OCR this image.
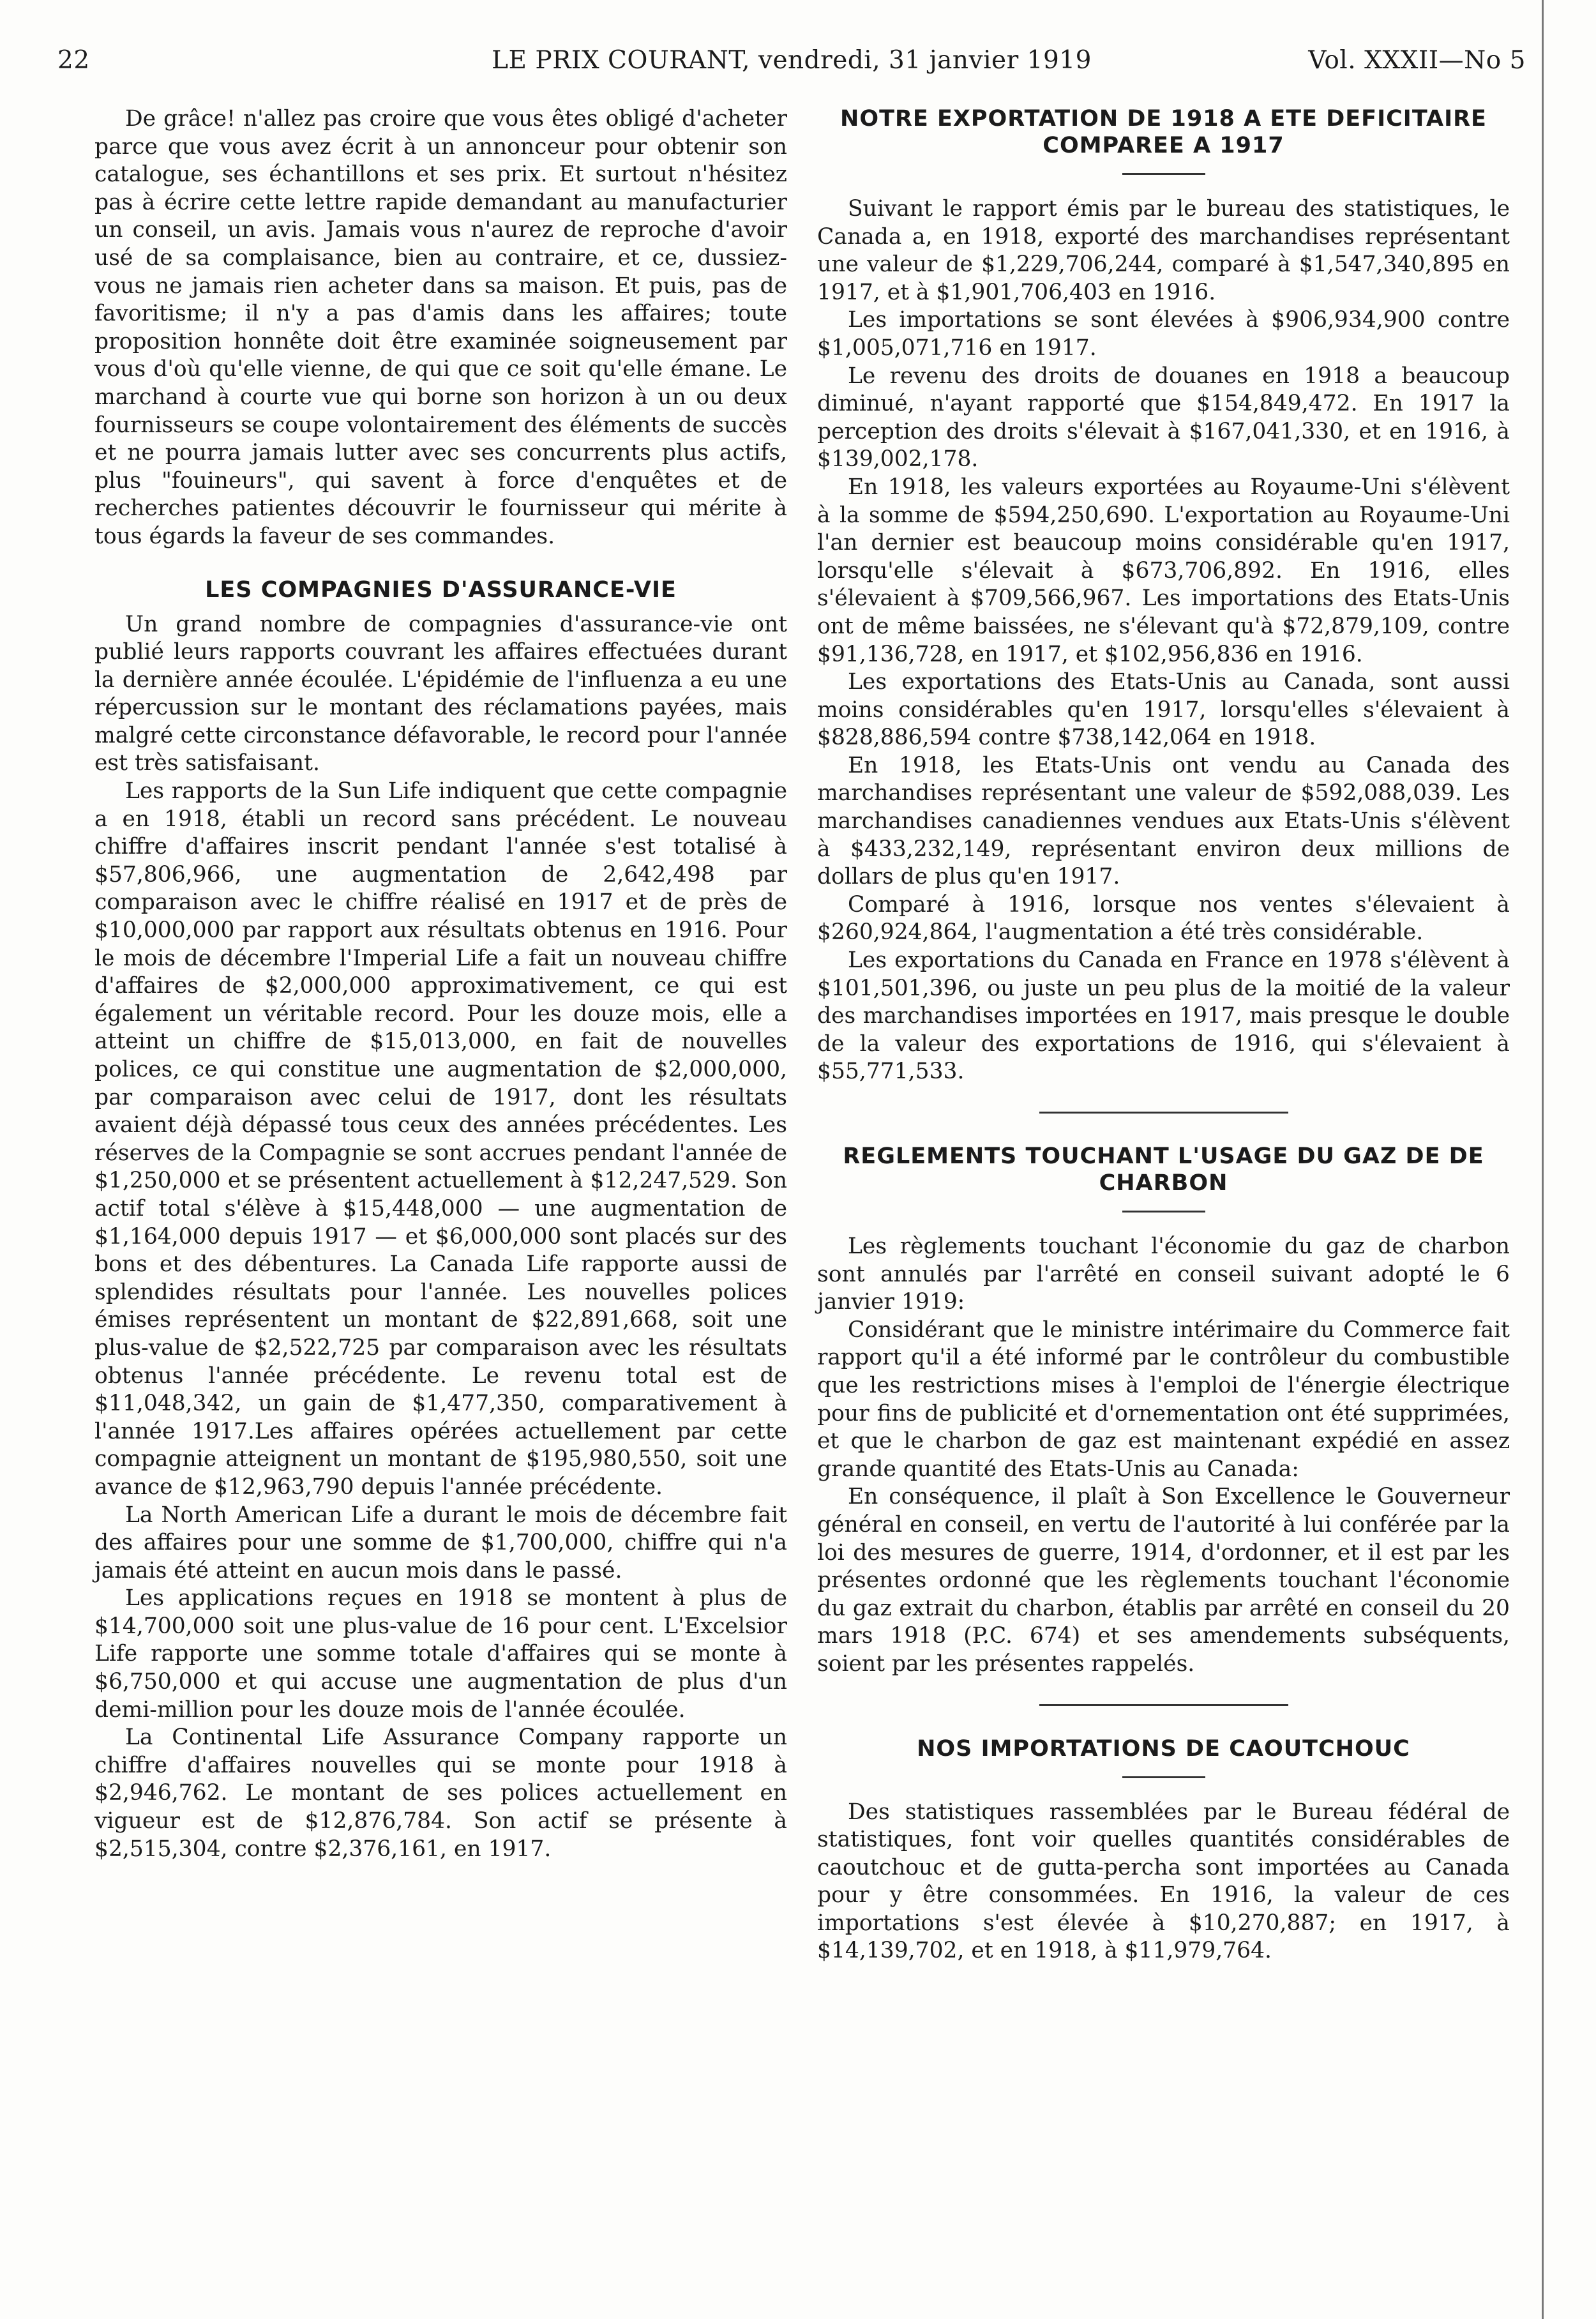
22	LE PRIX COURANT, vendredi, 31 janvier 1919	Vol. XXXII—No 5

De grâce! n'allez pas croire que vous êtes obligé d'acheter parce que vous avez écrit à un annonceur pour obtenir son catalogue, ses échantillons et ses prix. Et surtout n'hésitez pas à écrire cette lettre rapide demandant au manufacturier un conseil, un avis. Jamais vous n'aurez de reproche d'avoir usé de sa complaisance, bien au contraire, et ce, dussiez-vous ne jamais rien acheter dans sa maison. Et puis, pas de favoritisme; il n'y a pas d'amis dans les affaires; toute proposition honnête doit être examinée soigneusement par vous d'où qu'elle vienne, de qui que ce soit qu'elle émane. Le marchand à courte vue qui borne son horizon à un ou deux fournisseurs se coupe volontairement des éléments de succès et ne pourra jamais lutter avec ses concurrents plus actifs, plus "fouineurs", qui savent à force d'enquêtes et de recherches patientes découvrir le fournisseur qui mérite à tous égards la faveur de ses commandes.

LES COMPAGNIES D'ASSURANCE-VIE

Un grand nombre de compagnies d'assurance-vie ont publié leurs rapports couvrant les affaires effectuées durant la dernière année écoulée. L'épidémie de l'influenza a eu une répercussion sur le montant des réclamations payées, mais malgré cette circonstance défavorable, le record pour l'année est très satisfaisant.

Les rapports de la Sun Life indiquent que cette compagnie a en 1918, établi un record sans précédent. Le nouveau chiffre d'affaires inscrit pendant l'année s'est totalisé à $57,806,966, une augmentation de 2,642,498 par comparaison avec le chiffre réalisé en 1917 et de près de $10,000,000 par rapport aux résultats obtenus en 1916. Pour le mois de décembre l'Imperial Life a fait un nouveau chiffre d'affaires de $2,000,000 approximativement, ce qui est également un véritable record. Pour les douze mois, elle a atteint un chiffre de $15,013,000, en fait de nouvelles polices, ce qui constitue une augmentation de $2,000,000, par comparaison avec celui de 1917, dont les résultats avaient déjà dépassé tous ceux des années précédentes. Les réserves de la Compagnie se sont accrues pendant l'année de $1,250,000 et se présentent actuellement à $12,247,529. Son actif total s'élève à $15,448,000 — une augmentation de $1,164,000 depuis 1917 — et $6,000,000 sont placés sur des bons et des débentures. La Canada Life rapporte aussi de splendides résultats pour l'année. Les nouvelles polices émises représentent un montant de $22,891,668, soit une plus-value de $2,522,725 par comparaison avec les résultats obtenus l'année précédente. Le revenu total est de $11,048,342, un gain de $1,477,350, comparativement à l'année 1917.Les affaires opérées actuellement par cette compagnie atteignent un montant de $195,980,550, soit une avance de $12,963,790 depuis l'année précédente.

La North American Life a durant le mois de décembre fait des affaires pour une somme de $1,700,000, chiffre qui n'a jamais été atteint en aucun mois dans le passé.

Les applications reçues en 1918 se montent à plus de $14,700,000 soit une plus-value de 16 pour cent. L'Excelsior Life rapporte une somme totale d'affaires qui se monte à $6,750,000 et qui accuse une augmentation de plus d'un demi-million pour les douze mois de l'année écoulée.

La Continental Life Assurance Company rapporte un chiffre d'affaires nouvelles qui se monte pour 1918 à $2,946,762. Le montant de ses polices actuellement en vigueur est de $12,876,784. Son actif se présente à $2,515,304, contre $2,376,161, en 1917.

NOTRE EXPORTATION DE 1918 A ETE DEFICITAIRE COMPAREE A 1917

Suivant le rapport émis par le bureau des statistiques, le Canada a, en 1918, exporté des marchandises représentant une valeur de $1,229,706,244, comparé à $1,547,340,895 en 1917, et à $1,901,706,403 en 1916.

Les importations se sont élevées à $906,934,900 contre $1,005,071,716 en 1917.

Le revenu des droits de douanes en 1918 a beaucoup diminué, n'ayant rapporté que $154,849,472. En 1917 la perception des droits s'élevait à $167,041,330, et en 1916, à $139,002,178.

En 1918, les valeurs exportées au Royaume-Uni s'élèvent à la somme de $594,250,690. L'exportation au Royaume-Uni l'an dernier est beaucoup moins considérable qu'en 1917, lorsqu'elle s'élevait à $673,706,892. En 1916, elles s'élevaient à $709,566,967. Les importations des Etats-Unis ont de même baissées, ne s'élevant qu'à $72,879,109, contre $91,136,728, en 1917, et $102,956,836 en 1916.

Les exportations des Etats-Unis au Canada, sont aussi moins considérables qu'en 1917, lorsqu'elles s'élevaient à $828,886,594 contre $738,142,064 en 1918.

En 1918, les Etats-Unis ont vendu au Canada des marchandises représentant une valeur de $592,088,039. Les marchandises canadiennes vendues aux Etats-Unis s'élèvent à $433,232,149, représentant environ deux millions de dollars de plus qu'en 1917.

Comparé à 1916, lorsque nos ventes s'élevaient à $260,924,864, l'augmentation a été très considérable.

Les exportations du Canada en France en 1978 s'élèvent à $101,501,396, ou juste un peu plus de la moitié de la valeur des marchandises importées en 1917, mais presque le double de la valeur des exportations de 1916, qui s'élevaient à $55,771,533.

REGLEMENTS TOUCHANT L'USAGE DU GAZ DE DE CHARBON

Les règlements touchant l'économie du gaz de charbon sont annulés par l'arrêté en conseil suivant adopté le 6 janvier 1919:

Considérant que le ministre intérimaire du Commerce fait rapport qu'il a été informé par le contrôleur du combustible que les restrictions mises à l'emploi de l'énergie électrique pour fins de publicité et d'ornementation ont été supprimées, et que le charbon de gaz est maintenant expédié en assez grande quantité des Etats-Unis au Canada:

En conséquence, il plaît à Son Excellence le Gouverneur général en conseil, en vertu de l'autorité à lui conférée par la loi des mesures de guerre, 1914, d'ordonner, et il est par les présentes ordonné que les règlements touchant l'économie du gaz extrait du charbon, établis par arrêté en conseil du 20 mars 1918 (P.C. 674) et ses amendements subséquents, soient par les présentes rappelés.

NOS IMPORTATIONS DE CAOUTCHOUC

Des statistiques rassemblées par le Bureau fédéral de statistiques, font voir quelles quantités considérables de caoutchouc et de gutta-percha sont importées au Canada pour y être consommées. En 1916, la valeur de ces importations s'est élevée à $10,270,887; en 1917, à $14,139,702, et en 1918, à $11,979,764.
